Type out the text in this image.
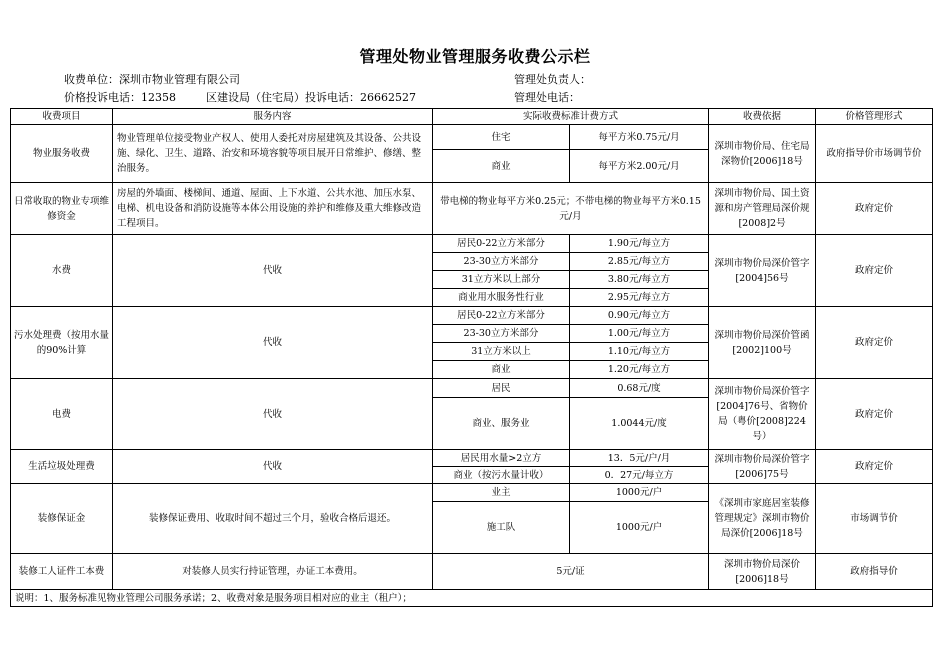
管理处物业管理服务收费公示栏
收费单位：深圳市物业管理有限公司	管理处负责人：
价格投诉电话：12358	区建设局（住宅局）投诉电话：26662527	管理处电话：
收费项目	服务内容	实际收费标准计费方式		收费依据	价格管理形式
物业服务收费	物业管理单位接受物业产权人、使用人委托对房屋建筑及其设备、公共设施、绿化、卫生、道路、治安和环境容貌等项目展开日常维护、修缮、整治服务。	住宅	每平方米0.75元/月	深圳市物价局、住宅局深物价[2006]18号	政府指导价市场调节价
		商业	每平方米2.00元/月		
日常收取的物业专项维修资金	房屋的外墙面、楼梯间、通道、屋面、上下水道、公共水池、加压水泵、电梯、机电设备和消防设施等本体公用设施的养护和维修及重大维修改造工程项目。	带电梯的物业每平方米0.25元；不带电梯的物业每平方米0.15元/月		深圳市物价局、国土资源和房产管理局深价规[2008]2号	政府定价
水费	代收	居民0-22立方米部分	1.90元/每立方	深圳市物价局深价管字[2004]56号	政府定价
		23-30立方米部分	2.85元/每立方		
		31立方米以上部分	3.80元/每立方		
		商业用水服务性行业	2.95元/每立方		
污水处理费（按用水量的90%计算	代收	居民0-22立方米部分	0.90元/每立方	深圳市物价局深价管函[2002]100号	政府定价
		23-30立方米部分	1.00元/每立方		
		31立方米以上	1.10元/每立方		
		商业	1.20元/每立方		
电费	代收	居民	0.68元/度	深圳市物价局深价管字[2004]76号、省物价局（粤价[2008]224号）	政府定价
		商业、服务业	1.0044元/度		
生活垃圾处理费	代收	居民用水量>2立方	13．5元/户/月	深圳市物价局深价管字[2006]75号	政府定价
		商业（按污水量计收）	0．27元/每立方		
装修保证金	装修保证费用、收取时间不超过三个月，验收合格后退还。	业主	1000元/户	《深圳市家庭居室装修管理规定》深圳市物价局深价[2006]18号	市场调节价
		施工队	1000元/户		
装修工人证件工本费	对装修人员实行持证管理，办证工本费用。	5元/证		深圳市物价局深价[2006]18号	政府指导价
说明：1、服务标准见物业管理公司服务承诺；2、收费对象是服务项目相对应的业主（租户）；					
